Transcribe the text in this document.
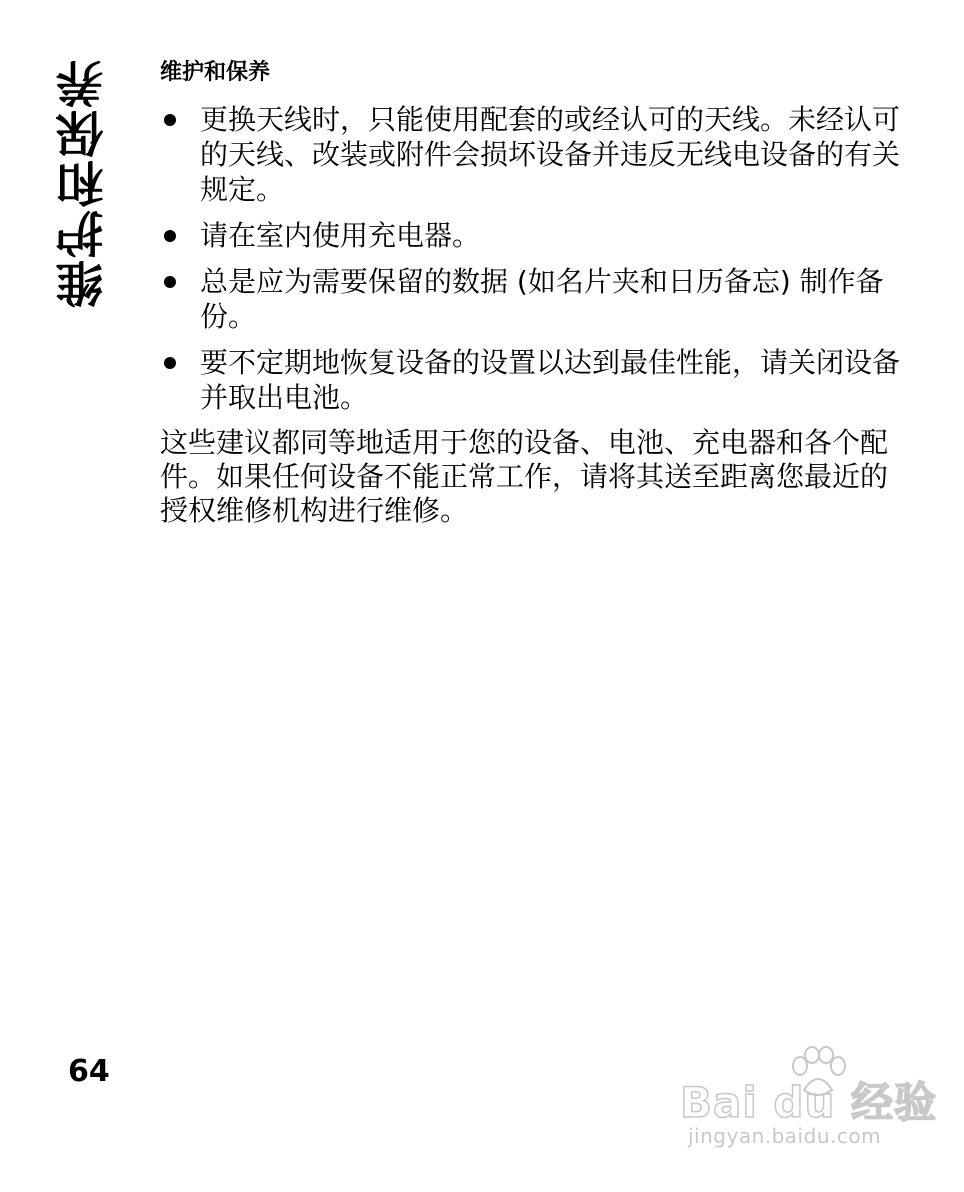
维护和保养 维护和保养
更换天线时，只能使用配套的或经认可的天线。未经认可的天线、改装或附件会损坏设备并违反无线电设备的有关规定。
请在室内使用充电器。
总是应为需要保留的数据 (如名片夹和日历备忘) 制作备份。
要不定期地恢复设备的设置以达到最佳性能，请关闭设备并取出电池。

这些建议都同等地适用于您的设备、电池、充电器和各个配件。如果任何设备不能正常工作，请将其送至距离您最近的授权维修机构进行维修。

64
Bai du 经验
jingyan.baidu.com
